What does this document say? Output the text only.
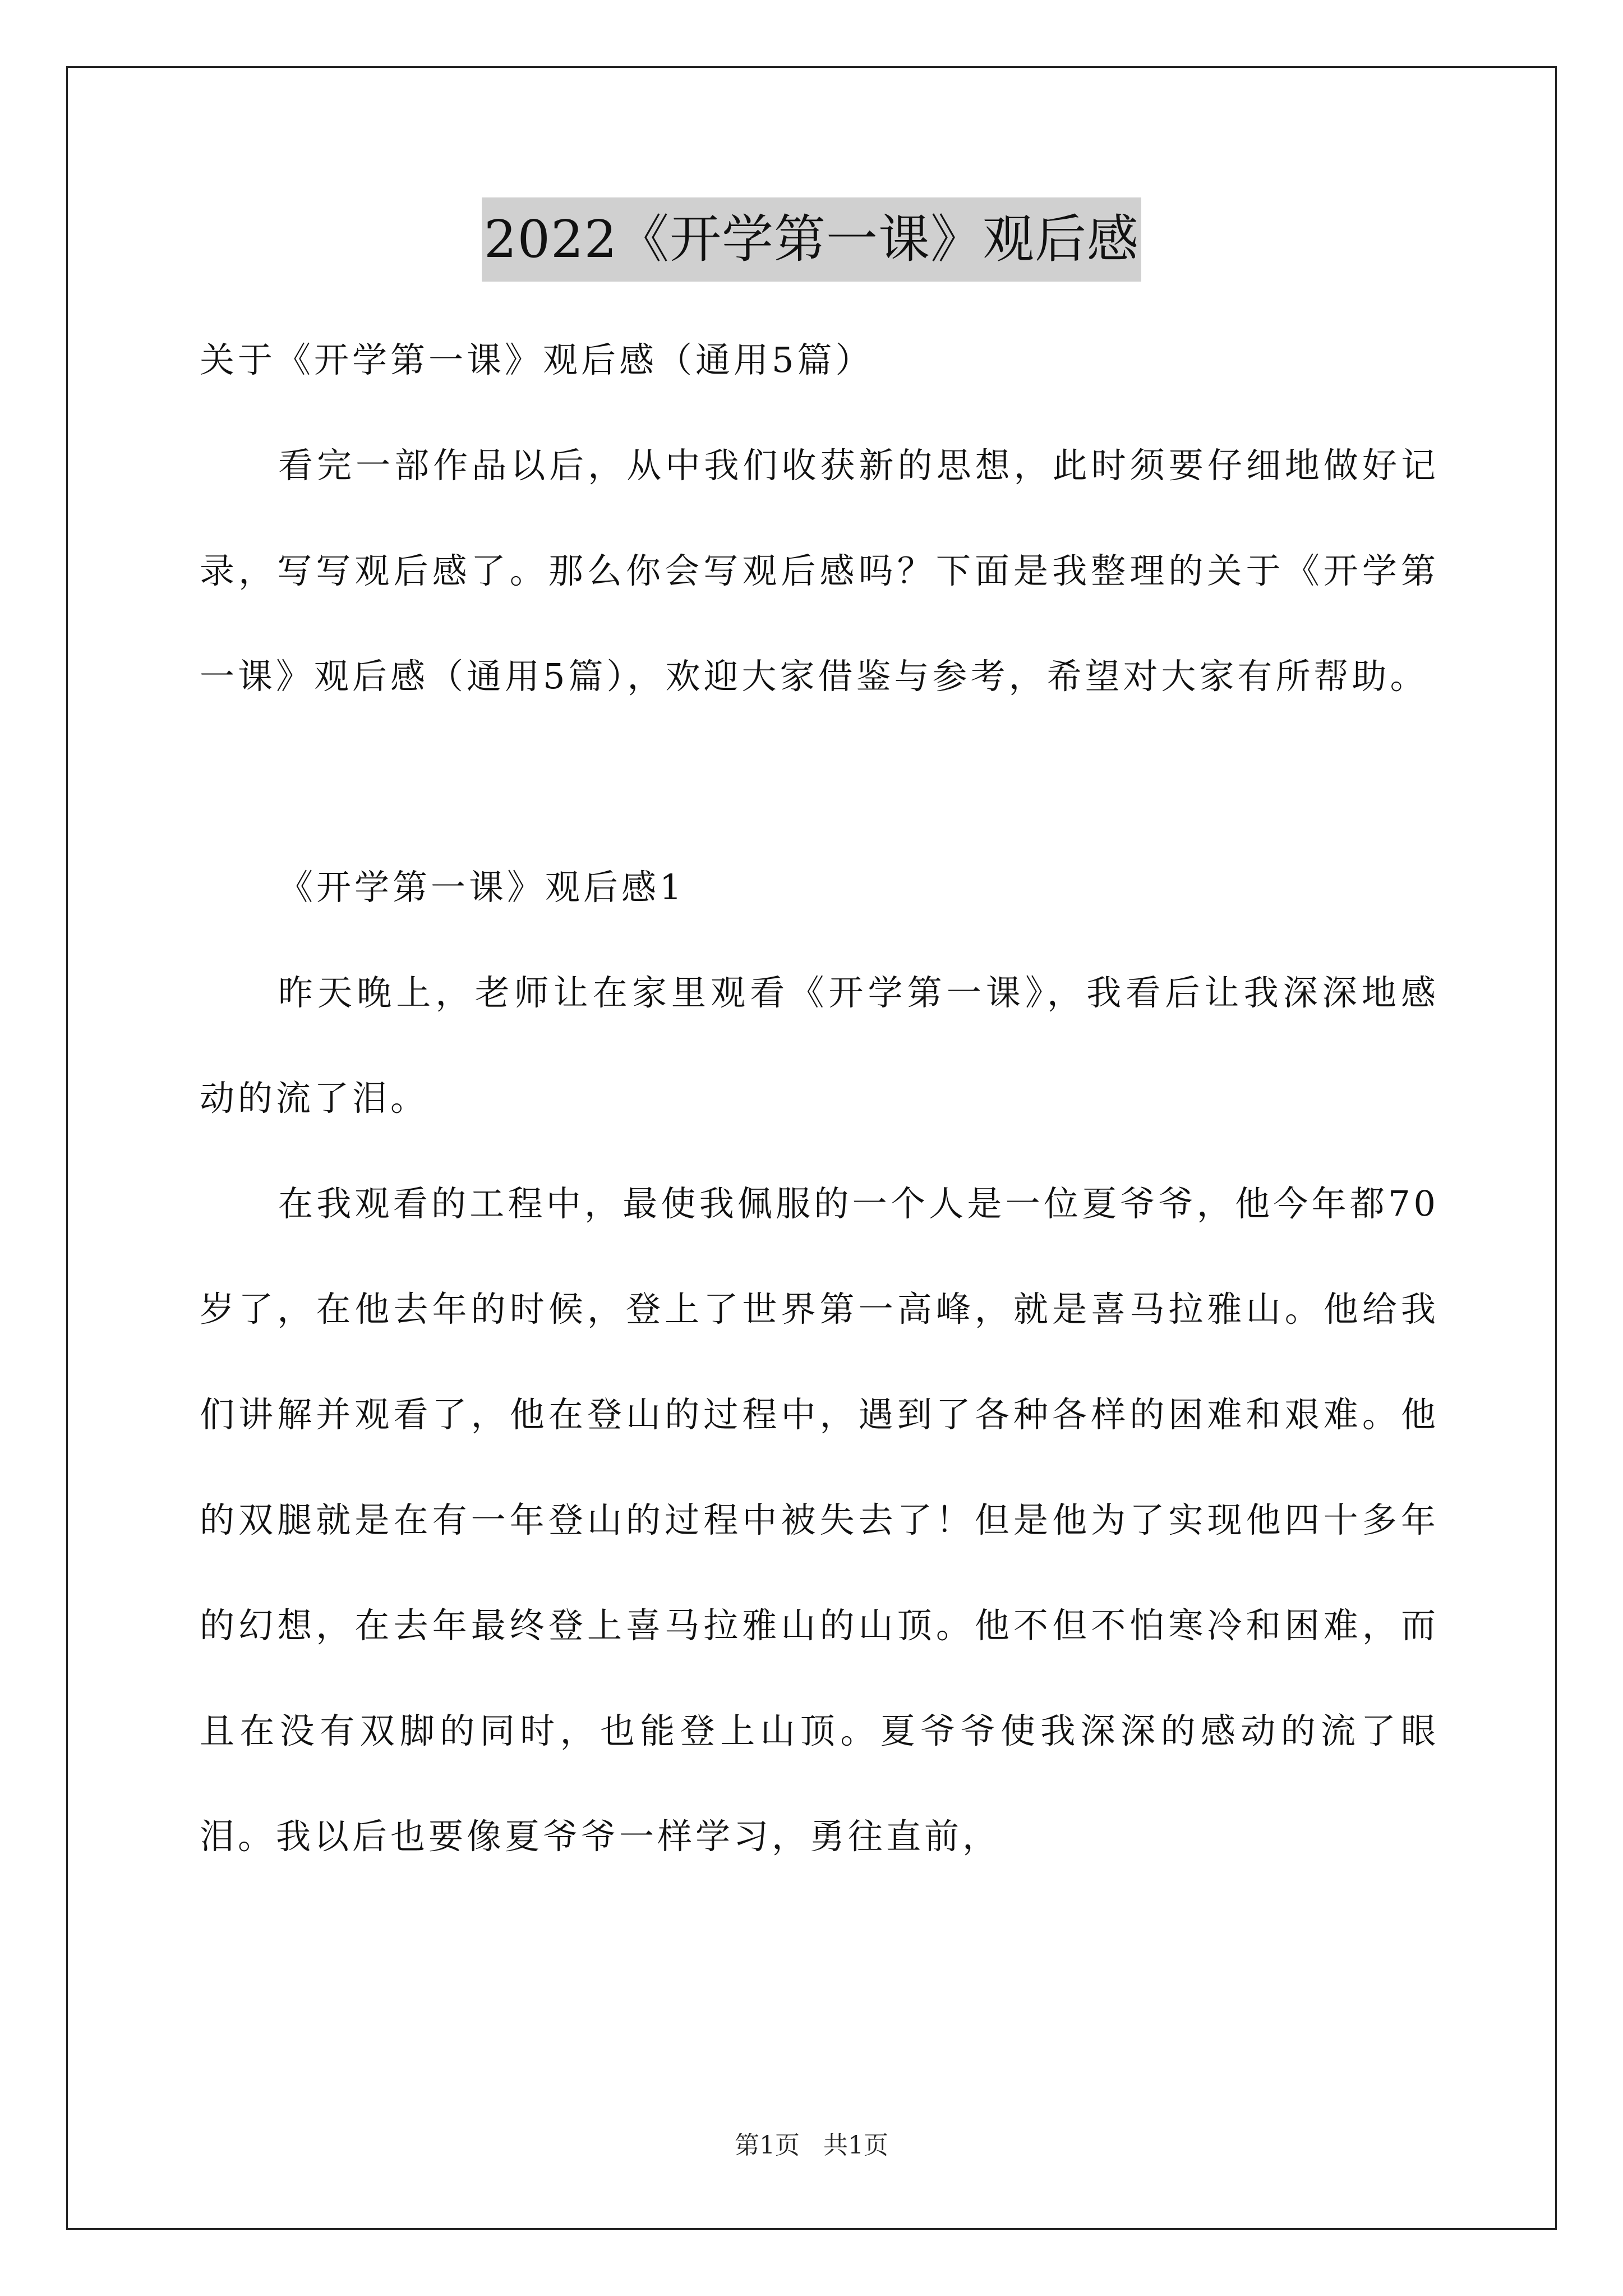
2022《开学第一课》观后感

关于《开学第一课》观后感（通用5篇）

看完一部作品以后，从中我们收获新的思想，此时须要仔细地做好记录，写写观后感了。那么你会写观后感吗？下面是我整理的关于《开学第一课》观后感（通用5篇），欢迎大家借鉴与参考，希望对大家有所帮助。

《开学第一课》观后感1

昨天晚上，老师让在家里观看《开学第一课》，我看后让我深深地感动的流了泪。

在我观看的工程中，最使我佩服的一个人是一位夏爷爷，他今年都70岁了，在他去年的时候，登上了世界第一高峰，就是喜马拉雅山。他给我们讲解并观看了，他在登山的过程中，遇到了各种各样的困难和艰难。他的双腿就是在有一年登山的过程中被失去了！但是他为了实现他四十多年的幻想，在去年最终登上喜马拉雅山的山顶。他不但不怕寒冷和困难，而且在没有双脚的同时，也能登上山顶。夏爷爷使我深深的感动的流了眼泪。我以后也要像夏爷爷一样学习，勇往直前，

第1页 共1页
